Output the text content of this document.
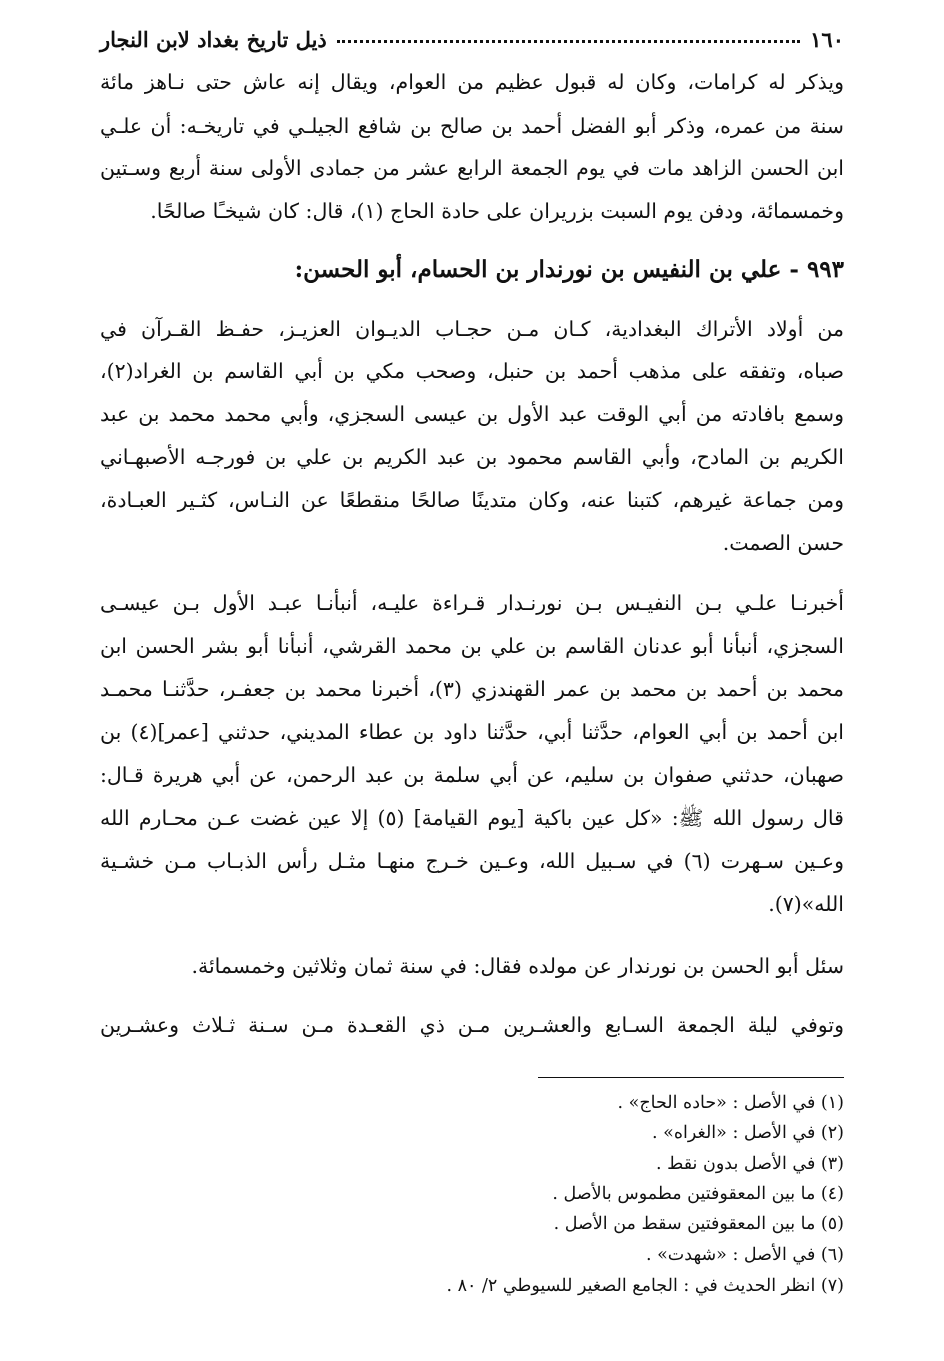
١٦٠
ذيل تاريخ بغداد لابن النجار
ويذكر له كرامات، وكان له قبول عظيم من العوام، ويقال إنه عاش حتى نـاهز مائة
سنة من عمره، وذكر أبو الفضل أحمد بن صالح بن شافع الجيلـي في تاريخـه: أن علـي
ابن الحسن الزاهد مات في يوم الجمعة الرابع عشر من جمادى الأولى سنة أربع وسـتين
وخمسمائة، ودفن يوم السبت بزريران على حادة الحاج (١)، قال: كان شيخـًا صالحًا.
٩٩٣ -علي بن النفيس بن نورندار بن الحسام، أبو الحسن:
من أولاد الأتراك البغدادية، كـان مـن حجـاب الديـوان العزيـز، حفـظ القـرآن في
صباه، وتفقه على مذهب أحمد بن حنبل، وصحب مكي بن أبي القاسم بن الغراد(٢)،
وسمع بافادته من أبي الوقت عبد الأول بن عيسى السجزي، وأبي محمد محمد بن عبد
الكريم بن المادح، وأبي القاسم محمود بن عبد الكريم بن علي بن فورجـه الأصبهـاني
ومن جماعة غيرهم، كتبنا عنه، وكان متدينًا صالحًا منقطعًا عن النـاس، كثـير العبـادة،
حسن الصمت.
أخبرنـا علـي بـن النفيـس بـن نورنـدار قـراءة عليـه، أنبأنـا عبـد الأول بـن عيسـى
السجزي، أنبأنا أبو عدنان القاسم بن علي بن محمد القرشي، أنبأنا أبو بشر الحسن ابن
محمد بن أحمد بن محمد بن عمر القهندزي (٣)، أخبرنا محمد بن جعفـر، حدَّثنـا محمـد
ابن أحمد بن أبي العوام، حدَّثنا أبي، حدَّثنا داود بن عطاء المديني، حدثني [عمر](٤) بن
صهبان، حدثني صفوان بن سليم، عن أبي سلمة بن عبد الرحمن، عن أبي هريرة قـال:
قال رسول الله ﷺ: «كل عين باكية [يوم القيامة] (٥) إلا عين غضت عـن محـارم الله
وعـين سـهرت (٦) في سـبيل الله، وعـين خـرج منهـا مثـل رأس الذبـاب مـن خشـية
الله»(٧).
سئل أبو الحسن بن نورندار عن مولده فقال: في سنة ثمان وثلاثين وخمسمائة.
وتوفي ليلة الجمعة السـابع والعشـرين مـن ذي القعـدة مـن سـنة ثـلاث وعشـرين
(١) في الأصل : «حاده الحاج» .
(٢) في الأصل : «الغراه» .
(٣) في الأصل بدون نقط .
(٤) ما بين المعقوفتين مطموس بالأصل .
(٥) ما بين المعقوفتين سقط من الأصل .
(٦) في الأصل : «شهدت» .
(٧) انظر الحديث في : الجامع الصغير للسيوطي ٢/ ٨٠ .
